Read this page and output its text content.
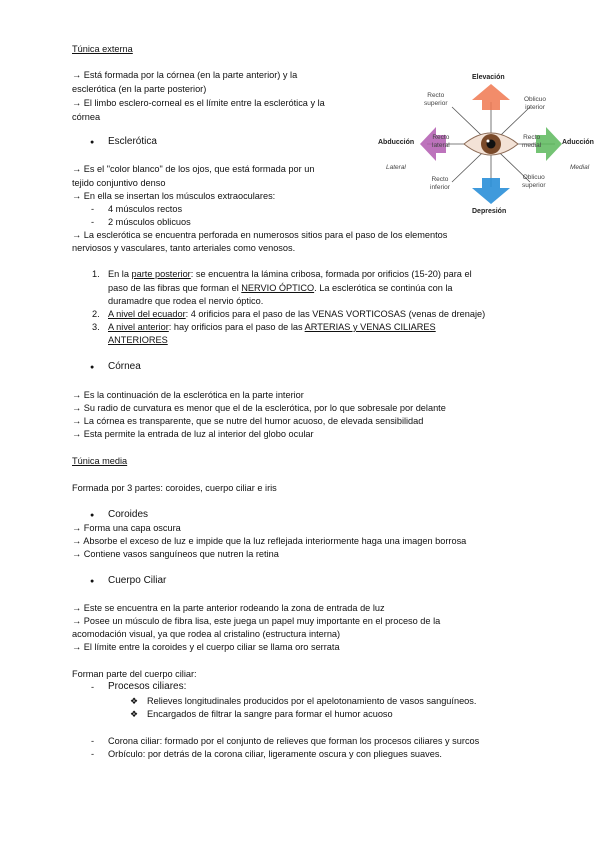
Túnica externa
→ Está formada por la córnea (en la parte anterior) y la
esclerótica (en la parte posterior)
→ El limbo esclero-corneal es el límite entre la esclerótica y la
córnea
● Esclerótica
→ Es el "color blanco" de los ojos, que está formada por un
tejido conjuntivo denso
→ En ella se insertan los músculos extraoculares:
- 4 músculos rectos
- 2 músculos oblicuos
→ La esclerótica se encuentra perforada en numerosos sitios para el paso de los elementos
nerviosos y vasculares, tanto arteriales como venosos.
1. En la parte posterior: se encuentra la lámina cribosa, formada por orificios (15-20) para el
paso de las fibras que forman el NERVIO ÓPTICO. La esclerótica se continúa con la
duramadre que rodea el nervio óptico.
2. A nivel del ecuador: 4 orificios para el paso de las VENAS VORTICOSAS (venas de drenaje)
3. A nivel anterior: hay orificios para el paso de las ARTERIAS y VENAS CILIARES
ANTERIORES
● Córnea
→ Es la continuación de la esclerótica en la parte interior
→ Su radio de curvatura es menor que el de la esclerótica, por lo que sobresale por delante
→ La córnea es transparente, que se nutre del humor acuoso, de elevada sensibilidad
→ Esta permite la entrada de luz al interior del globo ocular
Túnica media
Formada por 3 partes: coroides, cuerpo ciliar e iris
● Coroides
→ Forma una capa oscura
→ Absorbe el exceso de luz e impide que la luz reflejada interiormente haga una imagen borrosa
→ Contiene vasos sanguíneos que nutren la retina
● Cuerpo Ciliar
→ Este se encuentra en la parte anterior rodeando la zona de entrada de luz
→ Posee un músculo de fibra lisa, este juega un papel muy importante en el proceso de la
acomodación visual, ya que rodea al cristalino (estructura interna)
→ El límite entre la coroides y el cuerpo ciliar se llama oro serrata
Forman parte del cuerpo ciliar:
- Procesos ciliares:
❖ Relieves longitudinales producidos por el apelotonamiento de vasos sanguíneos.
❖ Encargados de filtrar la sangre para formar el humor acuoso
- Corona ciliar: formado por el conjunto de relieves que forman los procesos ciliares y surcos
- Orbículo: por detrás de la corona ciliar, ligeramente oscura y con pliegues suaves.
Elevación
Depresión
Abducción	Aducción
Recto
superior
Recto
inferior
Recto
lateral
Recto
medial
Oblicuo
interior
Oblicuo
superior
Lateral	Medial
